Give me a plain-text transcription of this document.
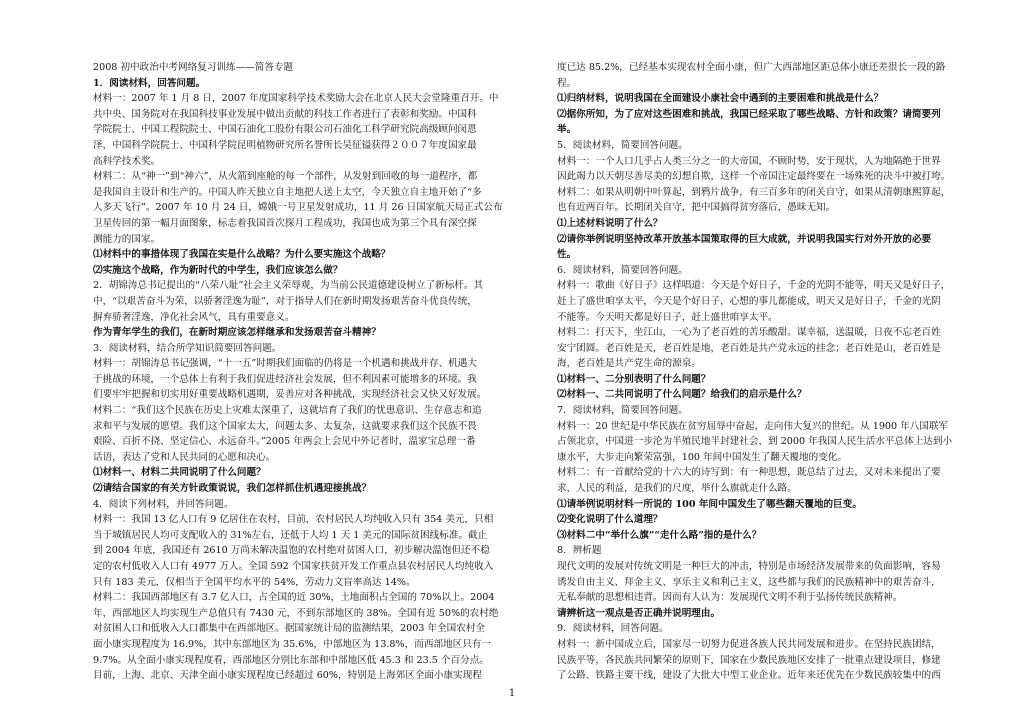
2008 初中政治中考网络复习训练——简答专题
1．阅读材料，回答问题。
材料一：2007 年 1 月 8 日，2007 年度国家科学技术奖励大会在北京人民大会堂隆重召开。中
共中央、国务院对在我国科技事业发展中做出贡献的科技工作者进行了表彰和奖励。中国科
学院院士、中国工程院院士、中国石油化工股份有限公司石油化工科学研究院高级顾问闵恩
泽，中国科学院院士、中国科学院昆明植物研究所名誉所长吴征镒获得２００７年度国家最
高科学技术奖。
材料二：从“神一”到“神六”，从火箭到座舱的每一个部件，从发射到回收的每一道程序，都
是我国自主设计和生产的。中国人昨天独立自主地把人送上太空，今天独立自主地开始了“多
人多天飞行”。2007 年 10 月 24 日，嫦娥一号卫星发射成功，11 月 26 日国家航天局正式公布
卫星传回的第一幅月面图象，标志着我国首次探月工程成功，我国也成为第三个具有深空探
测能力的国家。
⑴材料中的事措体现了我国在实是什么战略？为什么要实施这个战略？
⑵实施这个战略，作为新时代的中学生，我们应该怎么做？
2．胡锦涛总书记提出的“八荣八耻”社会主义荣辱观，为当前公民道德建设树立了新标杆。其
中，“以艰苦奋斗为荣，以骄奢淫逸为耻”，对于指导人们在新时期发扬艰苦奋斗优良传统，
摒弃骄奢淫逸，净化社会风气，具有重要意义。
作为青年学生的我们，在新时期应该怎样继承和发扬艰苦奋斗精神？
3．阅读材料，结合所学知识简要回答问题。
材料一：胡锦涛总书记强调，“十一五”时期我们面临的仍将是一个机遇和挑战并存、机遇大
于挑战的环境，一个总体上有利于我们促进经济社会发展，但不利因素可能增多的环境。我
们要牢牢把握和切实用好重要战略机遇期，妥善应对各种挑战，实现经济社会又快又好发展。
材料二：“我们这个民族在历史上灾难太深重了，这就培育了我们的忧患意识、生存意志和追
求和平与发展的愿望。我们这个国家太大，问题太多、太复杂，这就要求我们这个民族不畏
艰险、百折不挠、坚定信心、永远奋斗。”2005 年两会上会见中外记者时，温家宝总理一番
话语，表达了党和人民共同的心愿和决心。
⑴材料一、材料二共同说明了什么问题？
⑵请结合国家的有关方针政策说说，我们怎样抓住机遇迎接挑战？
4．阅读下列材料，并回答问题。
材料一：我国 13 亿人口有 9 亿居住在农村，目前，农村居民人均纯收入只有 354 美元，只相
当于城镇居民人均可支配收入的 31%左右，还低于人均 1 天 1 美元的国际贫困线标准。截止
到 2004 年底，我国还有 2610 万尚未解决温饱的农村绝对贫困人口，初步解决温饱但还不稳
定的农村低收入人口有 4977 万人。全国 592 个国家扶贫开发工作重点县农村居民人均纯收入
只有 183 美元，仅相当于全国平均水平的 54%，劳动力文盲率高达 14%。
材料二：我国西部地区有 3.7 亿人口，占全国的近 30%，土地面积占全国的 70%以上。2004
年，西部地区人均实现生产总值只有 7430 元，不到东部地区的 38%。全国有近 50%的农村绝
对贫困人口和低收入人口都集中在西部地区。据国家统计局的监测结果，2003 年全国农村全
面小康实现程度为 16.9%，其中东部地区为 35.6%，中部地区为 13.8%，而西部地区只有一
9.7%。从全面小康实现程度看，西部地区分别比东部和中部地区低 45.3 和 23.5 个百分点。
目前，上海、北京、天津全面小康实现程度已经超过 60%，特别是上海郊区全面小康实现程
度已达 85.2%，已经基本实现农村全面小康，但广大西部地区距总体小康还差很长一段的路
程。
⑴归纳材料，说明我国在全面建设小康社会中遇到的主要困难和挑战是什么？
⑵据你所知，为了应对这些困难和挑战，我国已经采取了哪些战略、方针和政策？请简要列
举。
5．阅读材料，简要回答问题。
材料一：一个人口几乎占人类三分之一的大帝国，不顾时势，安于现状，人为地隔绝于世界
因此竭力以天朝尽善尽美的幻想自欺，这样一个帝国注定最终要在一场殊死的决斗中被打垮。
材料二：如果从明朝中叶算起，到鸦片战争，有三百多年的闭关自守，如果从清朝康熙算起，
也有近两百年。长期闭关自守，把中国搞得贫穷落后，愚昧无知。
⑴上述材料说明了什么？
⑵请你举例说明坚持改革开放基本国策取得的巨大成就，并说明我国实行对外开放的必要
性。
6．阅读材料，简要回答问题。
材料一：歌曲《好日子》这样唱道：今天是个好日子，千金的光阴不能等，明天又是好日子，
赶上了盛世咱享太平，今天是个好日子，心想的事儿都能成，明天又是好日子，千金的光阴
不能等。今天明天都是好日子，赶上盛世咱享太平。
材料二：打天下，坐江山，一心为了老百姓的苦乐酸甜。谋幸福，送温暖，日夜不忘老百姓
安宁团圆。老百姓是天，老百姓是地，老百姓是共产党永远的挂念；老百姓是山，老百姓是
海，老百姓是共产党生命的源泉。
⑴材料一、二分别表明了什么问题？
⑵材料一、二共同说明了什么问题？给我们的启示是什么？
7．阅读材料，简要回答问题。
材料一：20 世纪是中华民族在贫穷屈辱中奋起，走向伟大复兴的世纪。从 1900 年八国联军
占领北京，中国进一步沦为半殖民地半封建社会，到 2000 年我国人民生活水平总体上达到小
康水平，大步走向繁荣富强，100 年间中国发生了翻天覆地的变化。
材料二：有一首献给党的十六大的诗写到：有一种思想，既总结了过去，又对未来提出了要
求，人民的利益，是我们的尺度，举什么旗就走什么路。
⑴请举例说明材料一所说的 100 年间中国发生了哪些翻天覆地的巨变。
⑵变化说明了什么道理？
⑶材料二中“举什么旗”“走什么路”指的是什么？
8．辨析题
现代文明的发展对传统文明是一种巨大的冲击，特别是市场经济发展带来的负面影响，容易
诱发自由主义、拜金主义、享乐主义和利己主义，这些都与我们的民族精神中的艰苦奋斗，
无私奉献的思想相违背。因而有人认为：发展现代文明不利于弘扬传统民族精神。
请辨析这一观点是否正确并说明理由。
9．阅读材料，回答问题。
材料一：新中国成立后，国家尽一切努力促进各族人民共同发展和进步。在坚持民族团结，
民族平等，各民族共同繁荣的原则下，国家在少数民族地区安排了一批重点建设项目，修建
了公路、铁路主要干线，建设了大批大中型工业企业。近年来还优先在少数民族较集中的西
1
